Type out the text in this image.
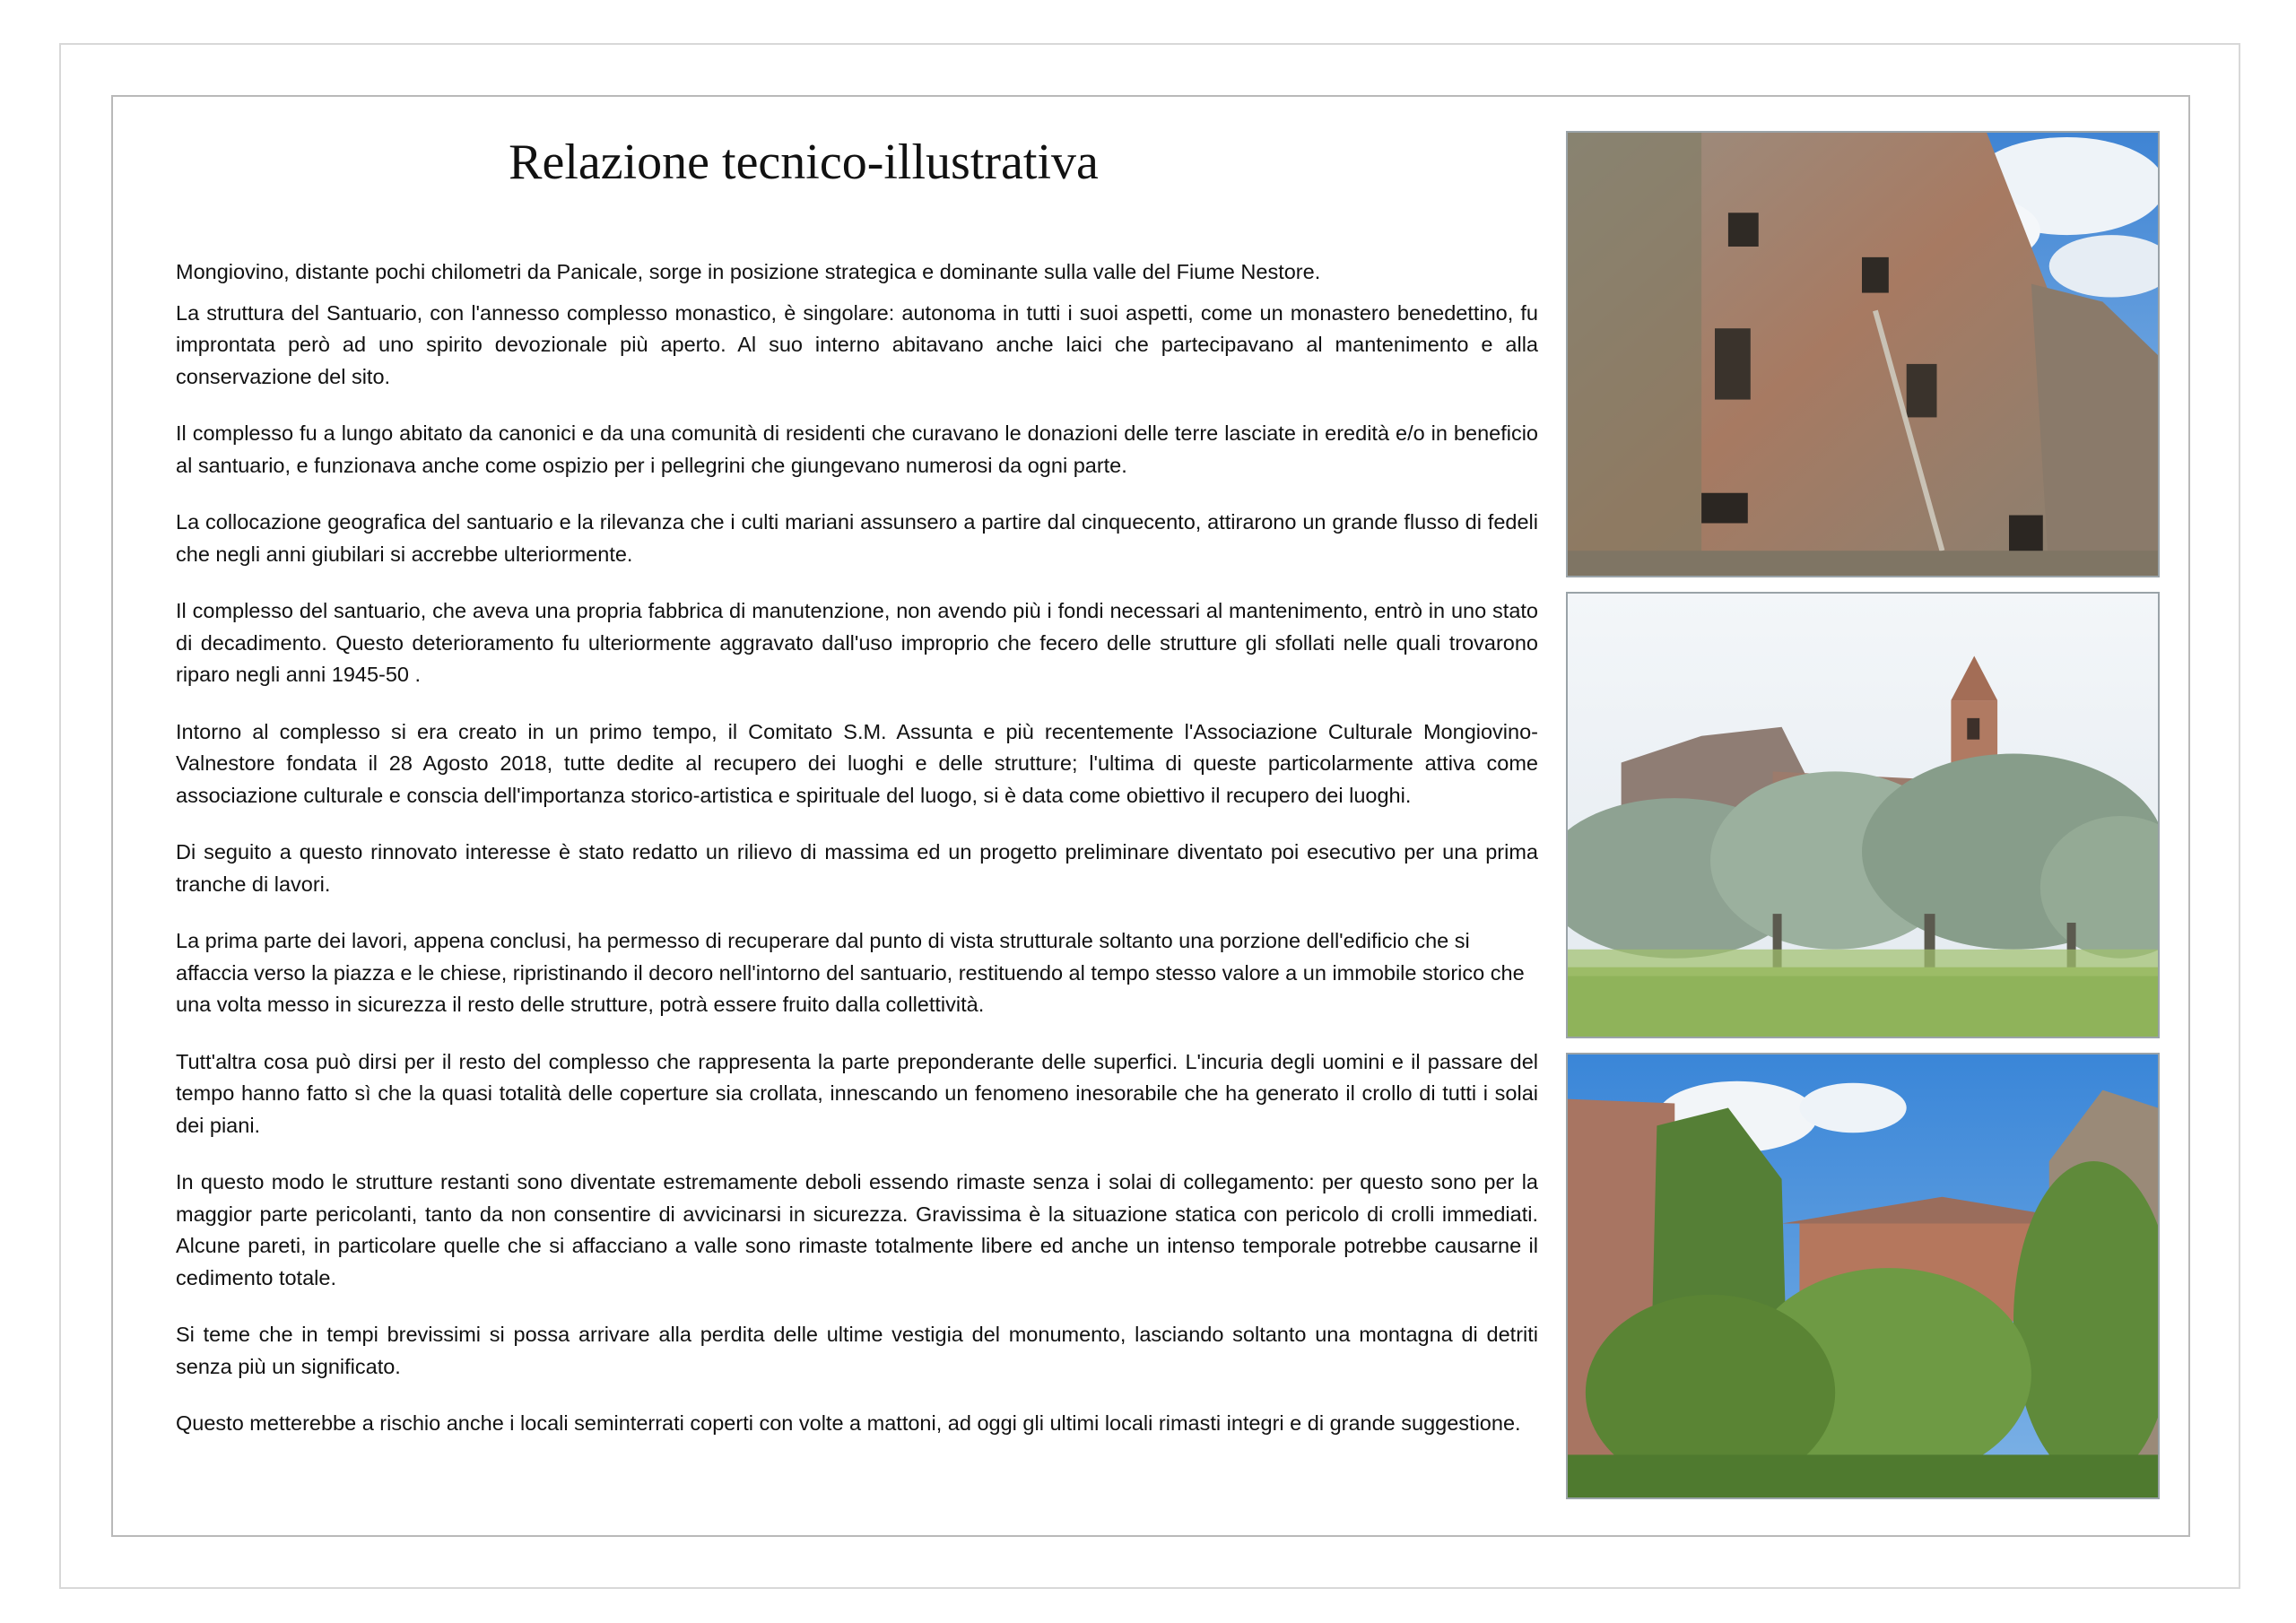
Relazione tecnico-illustrativa

Mongiovino, distante pochi chilometri da Panicale, sorge in posizione strategica e dominante sulla valle del Fiume Nestore.

La struttura del Santuario, con l'annesso complesso monastico, è singolare: autonoma in tutti i suoi aspetti, come un monastero benedettino, fu improntata però ad uno spirito devozionale più aperto. Al suo interno abitavano anche laici che partecipavano al mantenimento e alla conservazione del sito.

Il complesso fu a lungo abitato da canonici e da una comunità di residenti che curavano le donazioni delle terre lasciate in eredità e/o in beneficio al santuario, e funzionava anche come ospizio per i pellegrini che giungevano numerosi da ogni parte.

La collocazione geografica del santuario e la rilevanza che i culti mariani assunsero a partire dal cinquecento, attirarono un grande flusso di fedeli che negli anni giubilari si accrebbe ulteriormente.

Il complesso del santuario, che aveva una propria fabbrica di manutenzione, non avendo più i fondi necessari al mantenimento, entrò in uno stato di decadimento. Questo deterioramento fu ulteriormente aggravato dall'uso improprio che fecero delle strutture gli sfollati nelle quali trovarono riparo negli anni 1945-50 .

Intorno al complesso si era creato in un primo tempo, il Comitato S.M. Assunta e più recentemente l'Associazione Culturale Mongiovino-Valnestore fondata il 28 Agosto 2018, tutte dedite al recupero dei luoghi e delle strutture; l'ultima di queste particolarmente attiva come associazione culturale e conscia dell'importanza storico-artistica e spirituale del luogo, si è data come obiettivo il recupero dei luoghi.

Di seguito a questo rinnovato interesse è stato redatto un rilievo di massima ed un progetto preliminare diventato poi esecutivo per una prima tranche di lavori.

La prima parte dei lavori, appena conclusi, ha permesso di recuperare dal punto di vista strutturale soltanto una porzione dell'edificio che si affaccia verso la piazza e le chiese, ripristinando il decoro nell'intorno del santuario, restituendo al tempo stesso valore a un immobile storico che una volta messo in sicurezza il resto delle strutture, potrà essere fruito dalla collettività.

Tutt'altra cosa può dirsi per il resto del complesso che rappresenta la parte preponderante delle superfici. L'incuria degli uomini e il passare del tempo hanno fatto sì che la quasi totalità delle coperture sia crollata, innescando un fenomeno inesorabile che ha generato il crollo di tutti i solai dei piani.

In questo modo le strutture restanti sono diventate estremamente deboli essendo rimaste senza i solai di collegamento: per questo sono per la maggior parte pericolanti, tanto da non consentire di avvicinarsi in sicurezza. Gravissima è la situazione statica con pericolo di crolli immediati. Alcune pareti, in particolare quelle che si affacciano a valle sono rimaste totalmente libere ed anche un intenso temporale potrebbe causarne il cedimento totale.

Si teme che in tempi brevissimi si possa arrivare alla perdita delle ultime vestigia del monumento, lasciando soltanto una montagna di detriti senza più un significato.

Questo metterebbe a rischio anche i locali seminterrati coperti con volte a mattoni, ad oggi gli ultimi locali rimasti integri e di grande suggestione.
